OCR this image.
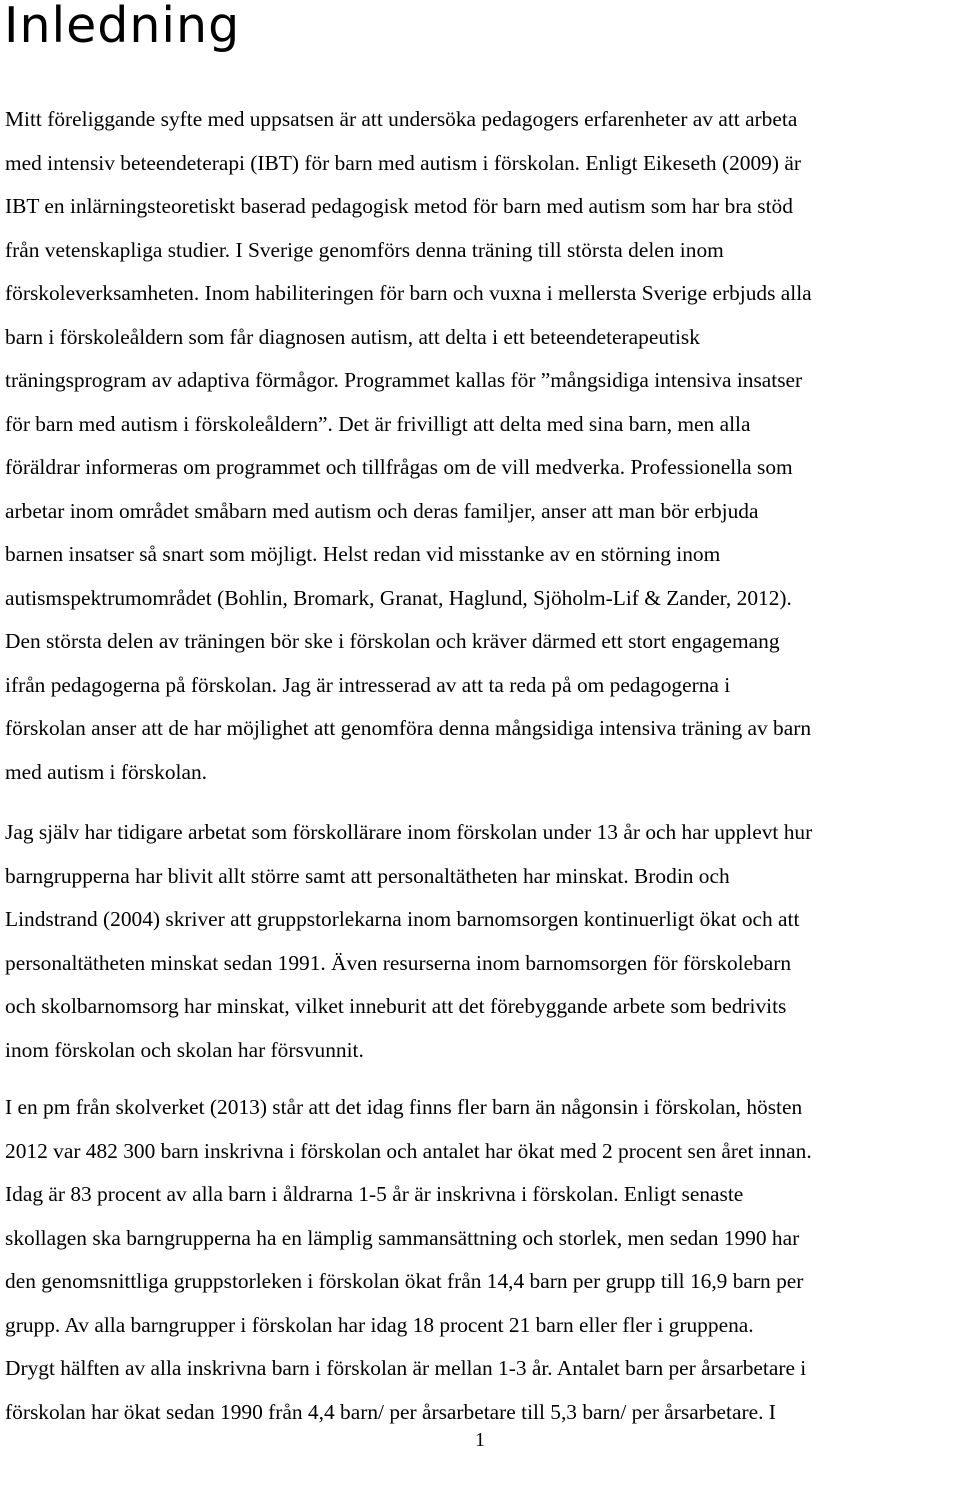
Inledning
Mitt föreliggande syfte med uppsatsen är att undersöka pedagogers erfarenheter av att arbeta
med intensiv beteendeterapi (IBT) för barn med autism i förskolan. Enligt Eikeseth (2009) är
IBT en inlärningsteoretiskt baserad pedagogisk metod för barn med autism som har bra stöd
från vetenskapliga studier. I Sverige genomförs denna träning till största delen inom
förskoleverksamheten. Inom habiliteringen för barn och vuxna i mellersta Sverige erbjuds alla
barn i förskoleåldern som får diagnosen autism, att delta i ett beteendeterapeutisk
träningsprogram av adaptiva förmågor. Programmet kallas för ”mångsidiga intensiva insatser
för barn med autism i förskoleåldern”. Det är frivilligt att delta med sina barn, men alla
föräldrar informeras om programmet och tillfrågas om de vill medverka. Professionella som
arbetar inom området småbarn med autism och deras familjer, anser att man bör erbjuda
barnen insatser så snart som möjligt. Helst redan vid misstanke av en störning inom
autismspektrumområdet (Bohlin, Bromark, Granat, Haglund, Sjöholm-Lif & Zander, 2012).
Den största delen av träningen bör ske i förskolan och kräver därmed ett stort engagemang
ifrån pedagogerna på förskolan. Jag är intresserad av att ta reda på om pedagogerna i
förskolan anser att de har möjlighet att genomföra denna mångsidiga intensiva träning av barn
med autism i förskolan.
Jag själv har tidigare arbetat som förskollärare inom förskolan under 13 år och har upplevt hur
barngrupperna har blivit allt större samt att personaltätheten har minskat. Brodin och
Lindstrand (2004) skriver att gruppstorlekarna inom barnomsorgen kontinuerligt ökat och att
personaltätheten minskat sedan 1991. Även resurserna inom barnomsorgen för förskolebarn
och skolbarnomsorg har minskat, vilket inneburit att det förebyggande arbete som bedrivits
inom förskolan och skolan har försvunnit.
I en pm från skolverket (2013) står att det idag finns fler barn än någonsin i förskolan, hösten
2012 var 482 300 barn inskrivna i förskolan och antalet har ökat med 2 procent sen året innan.
Idag är 83 procent av alla barn i åldrarna 1-5 år är inskrivna i förskolan. Enligt senaste
skollagen ska barngrupperna ha en lämplig sammansättning och storlek, men sedan 1990 har
den genomsnittliga gruppstorleken i förskolan ökat från 14,4 barn per grupp till 16,9 barn per
grupp. Av alla barngrupper i förskolan har idag 18 procent 21 barn eller fler i gruppena.
Drygt hälften av alla inskrivna barn i förskolan är mellan 1-3 år. Antalet barn per årsarbetare i
förskolan har ökat sedan 1990 från 4,4 barn/ per årsarbetare till 5,3 barn/ per årsarbetare. I
1
